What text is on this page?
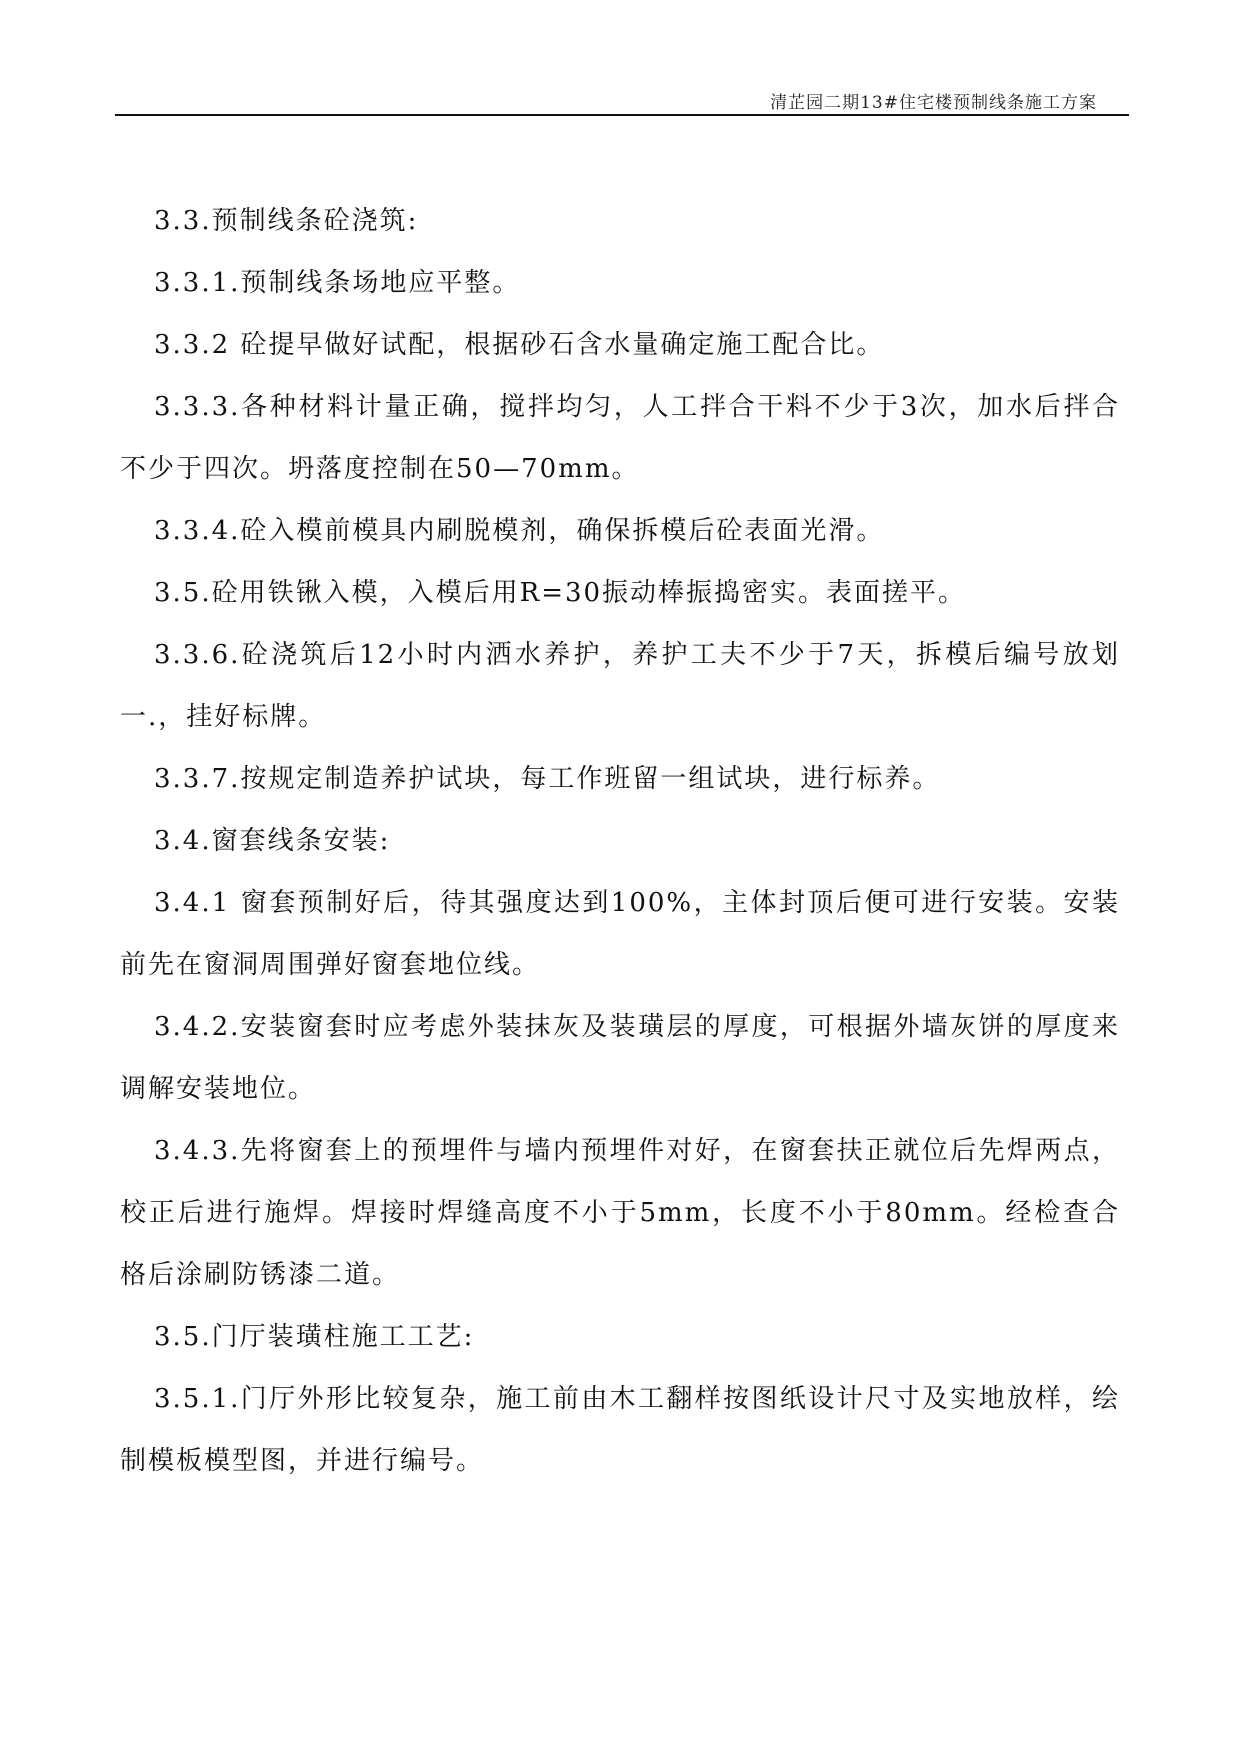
清芷园二期13#住宅楼预制线条施工方案

3.3.预制线条砼浇筑:

3.3.1.预制线条场地应平整。

3.3.2 砼提早做好试配，根据砂石含水量确定施工配合比。

3.3.3.各种材料计量正确，搅拌均匀，人工拌合干料不少于3次，加水后拌合不少于四次。坍落度控制在50—70mm。

3.3.4.砼入模前模具内刷脱模剂，确保拆模后砼表面光滑。

3.5.砼用铁锹入模，入模后用R=30振动棒振捣密实。表面搓平。

3.3.6.砼浇筑后12小时内洒水养护，养护工夫不少于7天，拆模后编号放划一.，挂好标牌。

3.3.7.按规定制造养护试块，每工作班留一组试块，进行标养。

3.4.窗套线条安装:

3.4.1 窗套预制好后，待其强度达到100%，主体封顶后便可进行安装。安装前先在窗洞周围弹好窗套地位线。

3.4.2.安装窗套时应考虑外装抹灰及装璜层的厚度，可根据外墙灰饼的厚度来调解安装地位。

3.4.3.先将窗套上的预埋件与墙内预埋件对好，在窗套扶正就位后先焊两点，校正后进行施焊。焊接时焊缝高度不小于5mm，长度不小于80mm。经检查合格后涂刷防锈漆二道。

3.5.门厅装璜柱施工工艺:

3.5.1.门厅外形比较复杂，施工前由木工翻样按图纸设计尺寸及实地放样，绘制模板模型图，并进行编号。
